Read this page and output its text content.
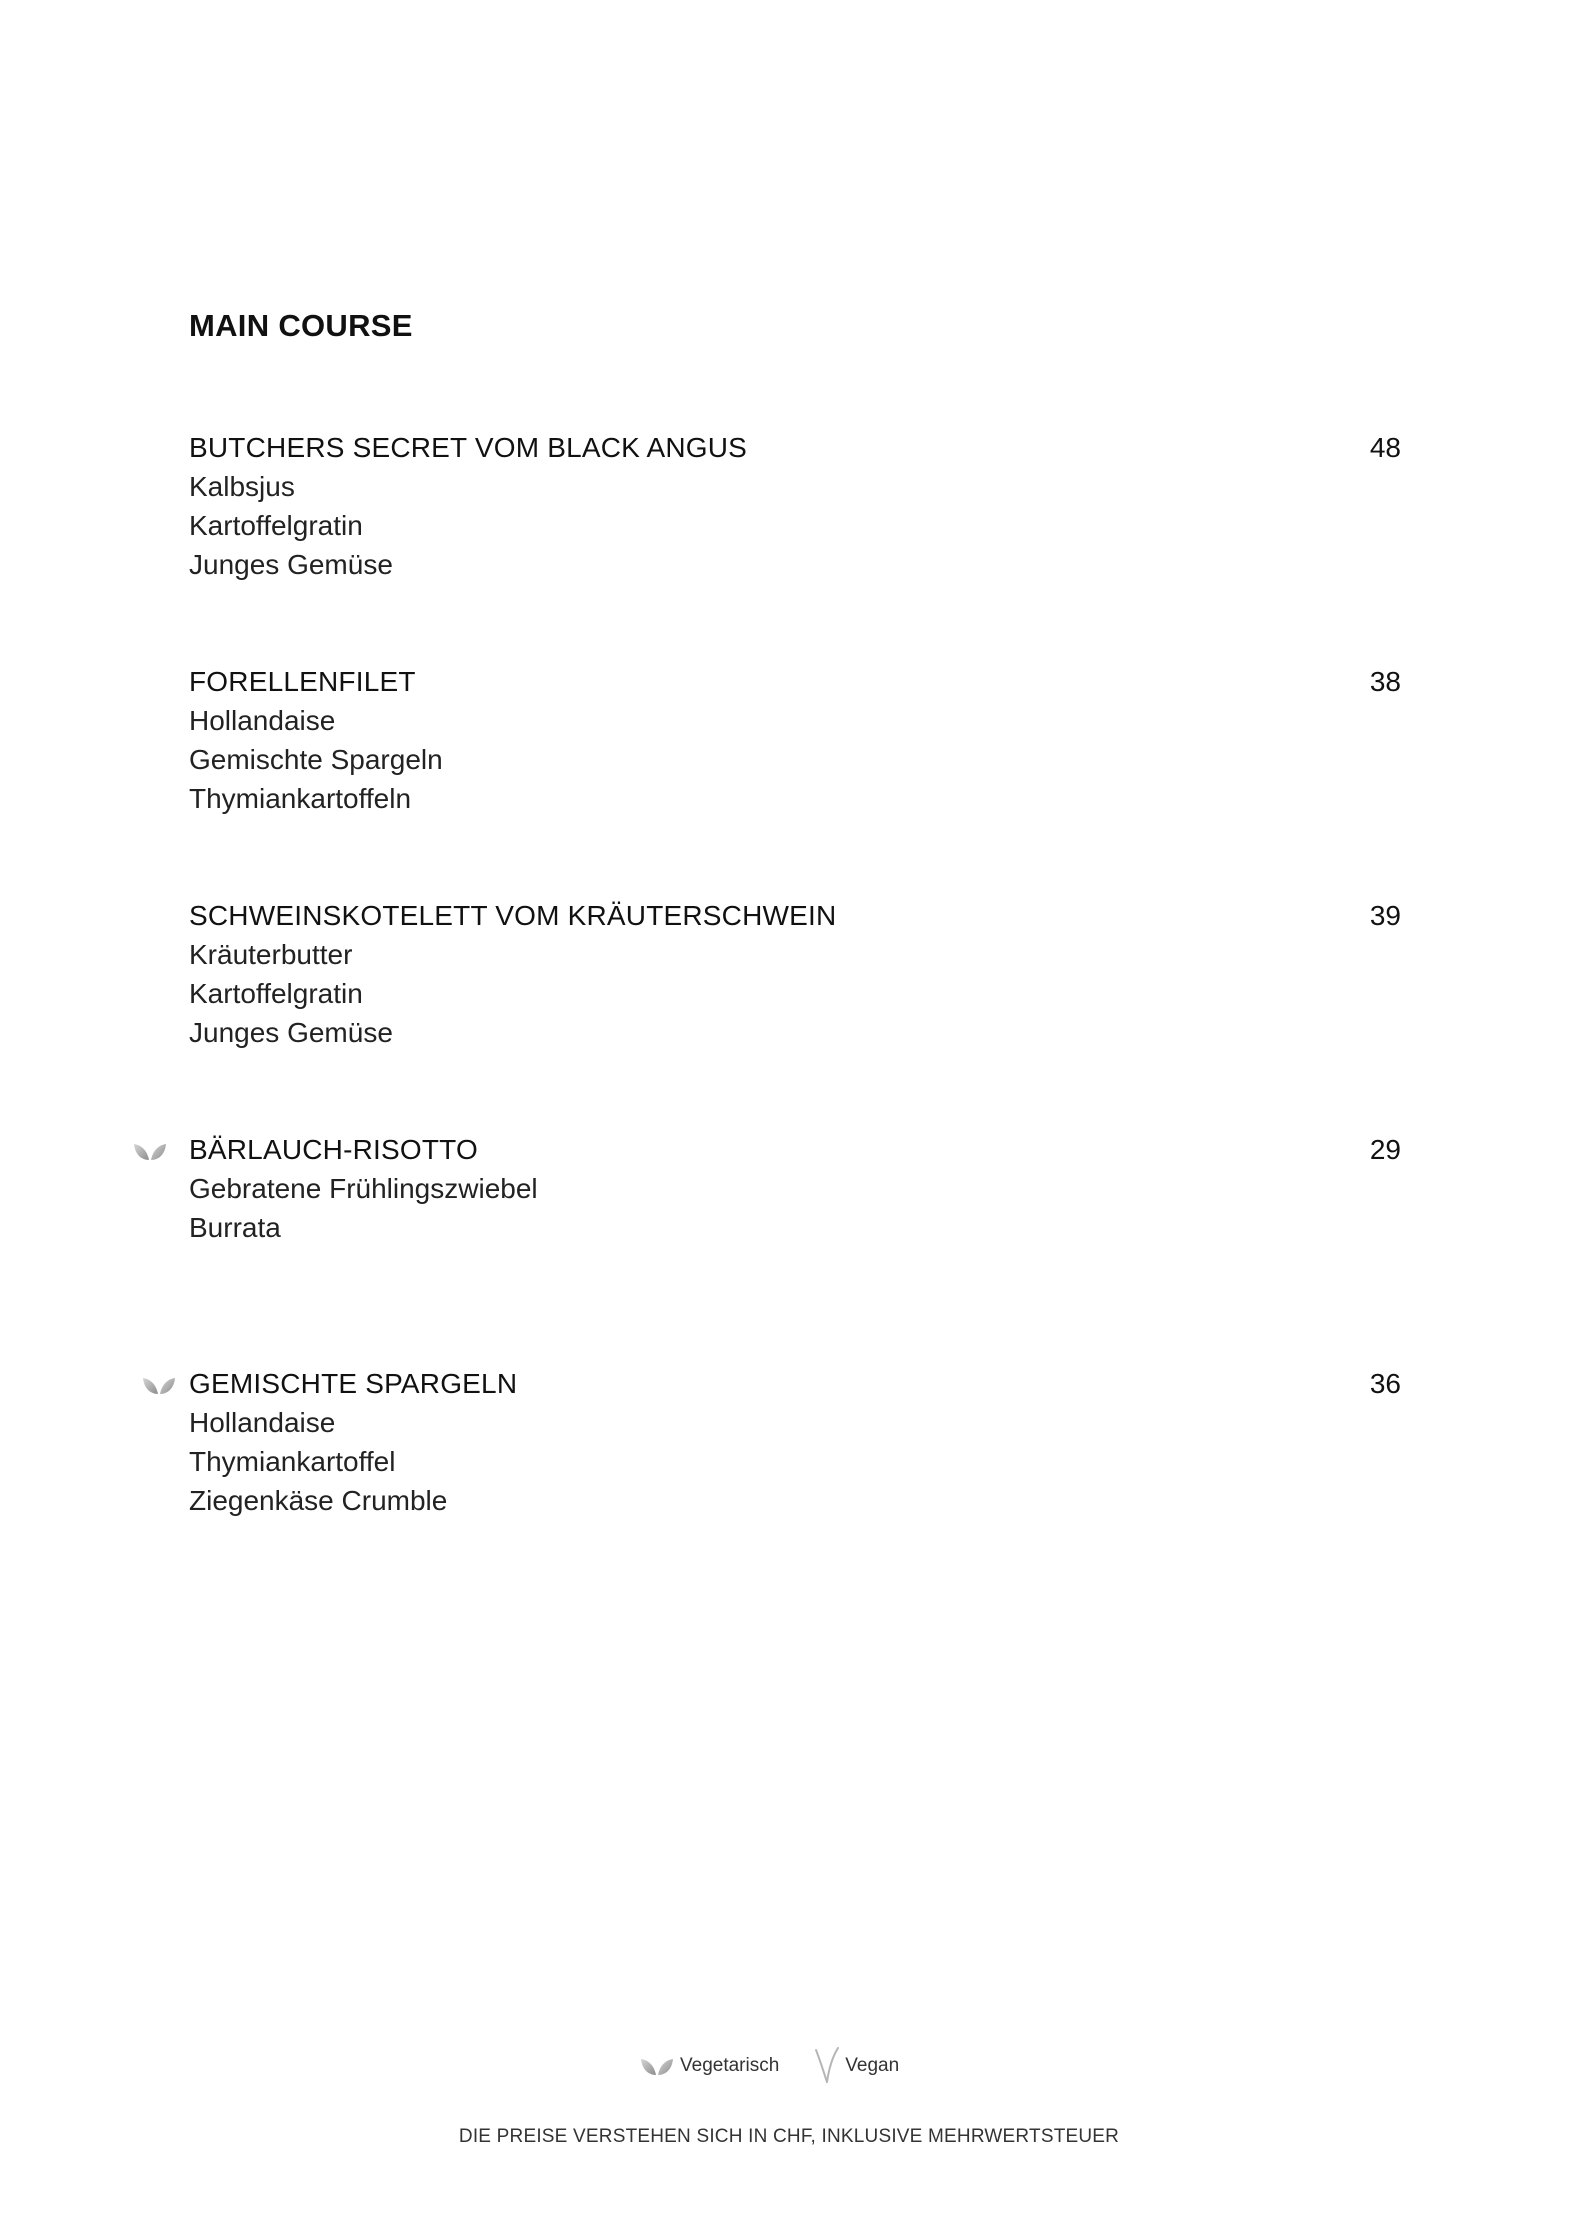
MAIN COURSE
BUTCHERS SECRET VOM BLACK ANGUS	48
Kalbsjus
Kartoffelgratin
Junges Gemüse
FORELLENFILET	38
Hollandaise
Gemischte Spargeln
Thymiankartoffeln
SCHWEINSKOTELETT VOM KRÄUTERSCHWEIN	39
Kräuterbutter
Kartoffelgratin
Junges Gemüse
BÄRLAUCH-RISOTTO	29
Gebratene Frühlingszwiebel
Burrata
GEMISCHTE SPARGELN	36
Hollandaise
Thymiankartoffel
Ziegenkäse Crumble
Vegetarisch	Vegan
DIE PREISE VERSTEHEN SICH IN CHF, INKLUSIVE MEHRWERTSTEUER
